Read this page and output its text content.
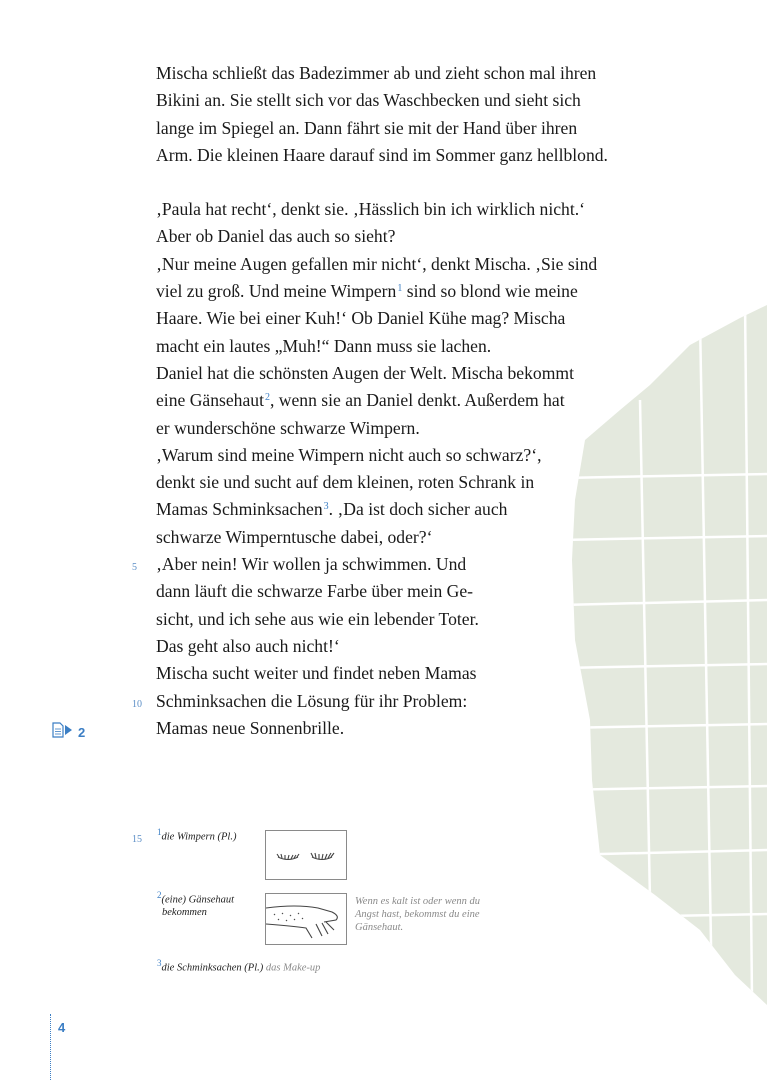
Mischa schließt das Badezimmer ab und zieht schon mal ihren

Bikini an. Sie stellt sich vor das Waschbecken und sieht sich

lange im Spiegel an. Dann fährt sie mit der Hand über ihren

Arm. Die kleinen Haare darauf sind im Sommer ganz hellblond.

‚Paula hat recht‘, denkt sie. ‚Hässlich bin ich wirklich nicht.‘

Aber ob Daniel das auch so sieht?

‚Nur meine Augen gefallen mir nicht‘, denkt Mischa. ‚Sie sind

viel zu groß. Und meine Wimpern$^1$ sind so blond wie meine

Haare. Wie bei einer Kuh!‘ Ob Daniel Kühe mag? Mischa

macht ein lautes „Muh!“ Dann muss sie lachen.

Daniel hat die schönsten Augen der Welt. Mischa bekommt

eine Gänsehaut$^2$, wenn sie an Daniel denkt. Außerdem hat

er wunderschöne schwarze Wimpern.

‚Warum sind meine Wimpern nicht auch so schwarz?‘,

denkt sie und sucht auf dem kleinen, roten Schrank in

Mamas Schminksachen$^3$. ‚Da ist doch sicher auch

schwarze Wimperntusche dabei, oder?‘

‚Aber nein! Wir wollen ja schwimmen. Und

dann läuft die schwarze Farbe über mein Ge-

sicht, und ich sehe aus wie ein lebender Toter.

Das geht also auch nicht!‘

Mischa sucht weiter und findet neben Mamas

Schminksachen die Lösung für ihr Problem:

Mamas neue Sonnenbrille.

5
10
15
2
$^1$die Wimpern (Pl.)
$^2$(eine) Gänsehaut
bekommen
Wenn es kalt ist oder wenn du
Angst hast, bekommst du eine
Gänsehaut.
$^3$die Schminksachen (Pl.) das Make-up
4
